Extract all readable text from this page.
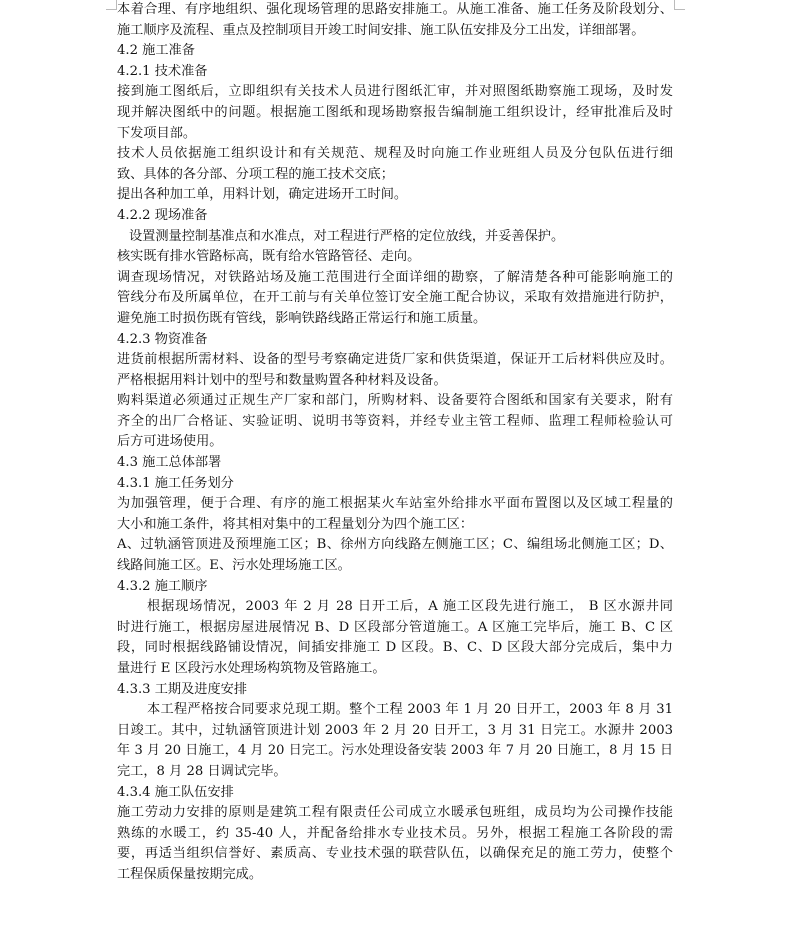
本着合理、有序地组织、强化现场管理的思路安排施工。从施工准备、施工任务及阶段划分、
施工顺序及流程、重点及控制项目开竣工时间安排、施工队伍安排及分工出发，详细部署。
4.2 施工准备
4.2.1 技术准备
接到施工图纸后，立即组织有关技术人员进行图纸汇审，并对照图纸勘察施工现场，及时发
现并解决图纸中的问题。根据施工图纸和现场勘察报告编制施工组织设计，经审批准后及时
下发项目部。
技术人员依据施工组织设计和有关规范、规程及时向施工作业班组人员及分包队伍进行细
致、具体的各分部、分项工程的施工技术交底；
提出各种加工单，用料计划，确定进场开工时间。
4.2.2 现场准备
设置测量控制基准点和水准点，对工程进行严格的定位放线，并妥善保护。
核实既有排水管路标高，既有给水管路管径、走向。
调查现场情况，对铁路站场及施工范围进行全面详细的勘察，了解清楚各种可能影响施工的
管线分布及所属单位，在开工前与有关单位签订安全施工配合协议，采取有效措施进行防护，
避免施工时损伤既有管线，影响铁路线路正常运行和施工质量。
4.2.3 物资准备
进货前根据所需材料、设备的型号考察确定进货厂家和供货渠道，保证开工后材料供应及时。
严格根据用料计划中的型号和数量购置各种材料及设备。
购料渠道必须通过正规生产厂家和部门，所购材料、设备要符合图纸和国家有关要求，附有
齐全的出厂合格证、实验证明、说明书等资料，并经专业主管工程师、监理工程师检验认可
后方可进场使用。
4.3 施工总体部署
4.3.1 施工任务划分
为加强管理，便于合理、有序的施工根据某火车站室外给排水平面布置图以及区域工程量的
大小和施工条件，将其相对集中的工程量划分为四个施工区：
A、过轨涵管顶进及预埋施工区；B、徐州方向线路左侧施工区；C、编组场北侧施工区；D、
线路间施工区。E、污水处理场施工区。
4.3.2 施工顺序
根据现场情况，2003 年 2 月 28 日开工后，A 施工区段先进行施工， B 区水源井同
时进行施工，根据房屋进展情况 B、D 区段部分管道施工。A 区施工完毕后，施工 B、C 区
段，同时根据线路铺设情况，间插安排施工 D 区段。B、C、D 区段大部分完成后，集中力
量进行 E 区段污水处理场构筑物及管路施工。
4.3.3 工期及进度安排
本工程严格按合同要求兑现工期。整个工程 2003 年 1 月 20 日开工，2003 年 8 月 31
日竣工。其中，过轨涵管顶进计划 2003 年 2 月 20 日开工，3 月 31 日完工。水源井 2003
年 3 月 20 日施工，4 月 20 日完工。污水处理设备安装 2003 年 7 月 20 日施工，8 月 15 日
完工，8 月 28 日调试完毕。
4.3.4 施工队伍安排
施工劳动力安排的原则是建筑工程有限责任公司成立水暖承包班组，成员均为公司操作技能
熟练的水暖工，约 35-40 人，并配备给排水专业技术员。另外，根据工程施工各阶段的需
要，再适当组织信誉好、素质高、专业技术强的联营队伍，以确保充足的施工劳力，使整个
工程保质保量按期完成。
